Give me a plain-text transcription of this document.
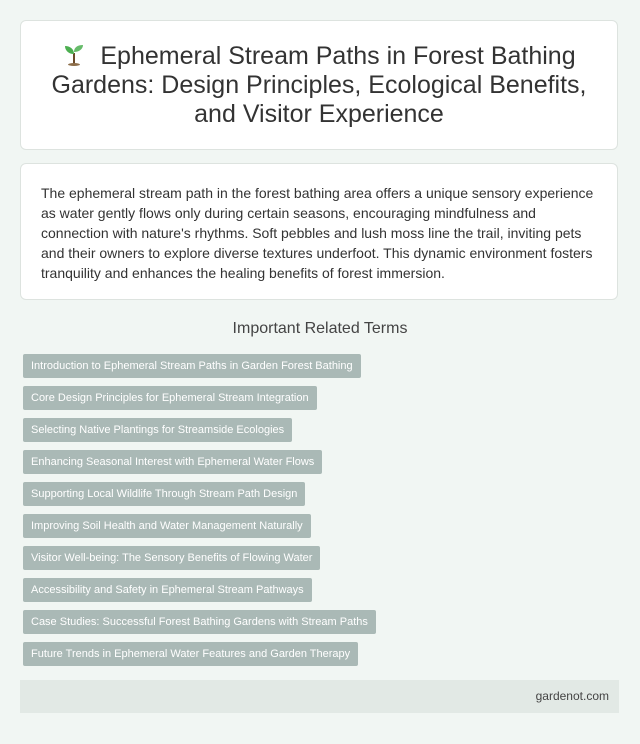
Ephemeral Stream Paths in Forest Bathing Gardens: Design Principles, Ecological Benefits, and Visitor Experience

The ephemeral stream path in the forest bathing area offers a unique sensory experience as water gently flows only during certain seasons, encouraging mindfulness and connection with nature's rhythms. Soft pebbles and lush moss line the trail, inviting pets and their owners to explore diverse textures underfoot. This dynamic environment fosters tranquility and enhances the healing benefits of forest immersion.

Important Related Terms
Introduction to Ephemeral Stream Paths in Garden Forest Bathing
Core Design Principles for Ephemeral Stream Integration
Selecting Native Plantings for Streamside Ecologies
Enhancing Seasonal Interest with Ephemeral Water Flows
Supporting Local Wildlife Through Stream Path Design
Improving Soil Health and Water Management Naturally
Visitor Well-being: The Sensory Benefits of Flowing Water
Accessibility and Safety in Ephemeral Stream Pathways
Case Studies: Successful Forest Bathing Gardens with Stream Paths
Future Trends in Ephemeral Water Features and Garden Therapy
gardenot.com
